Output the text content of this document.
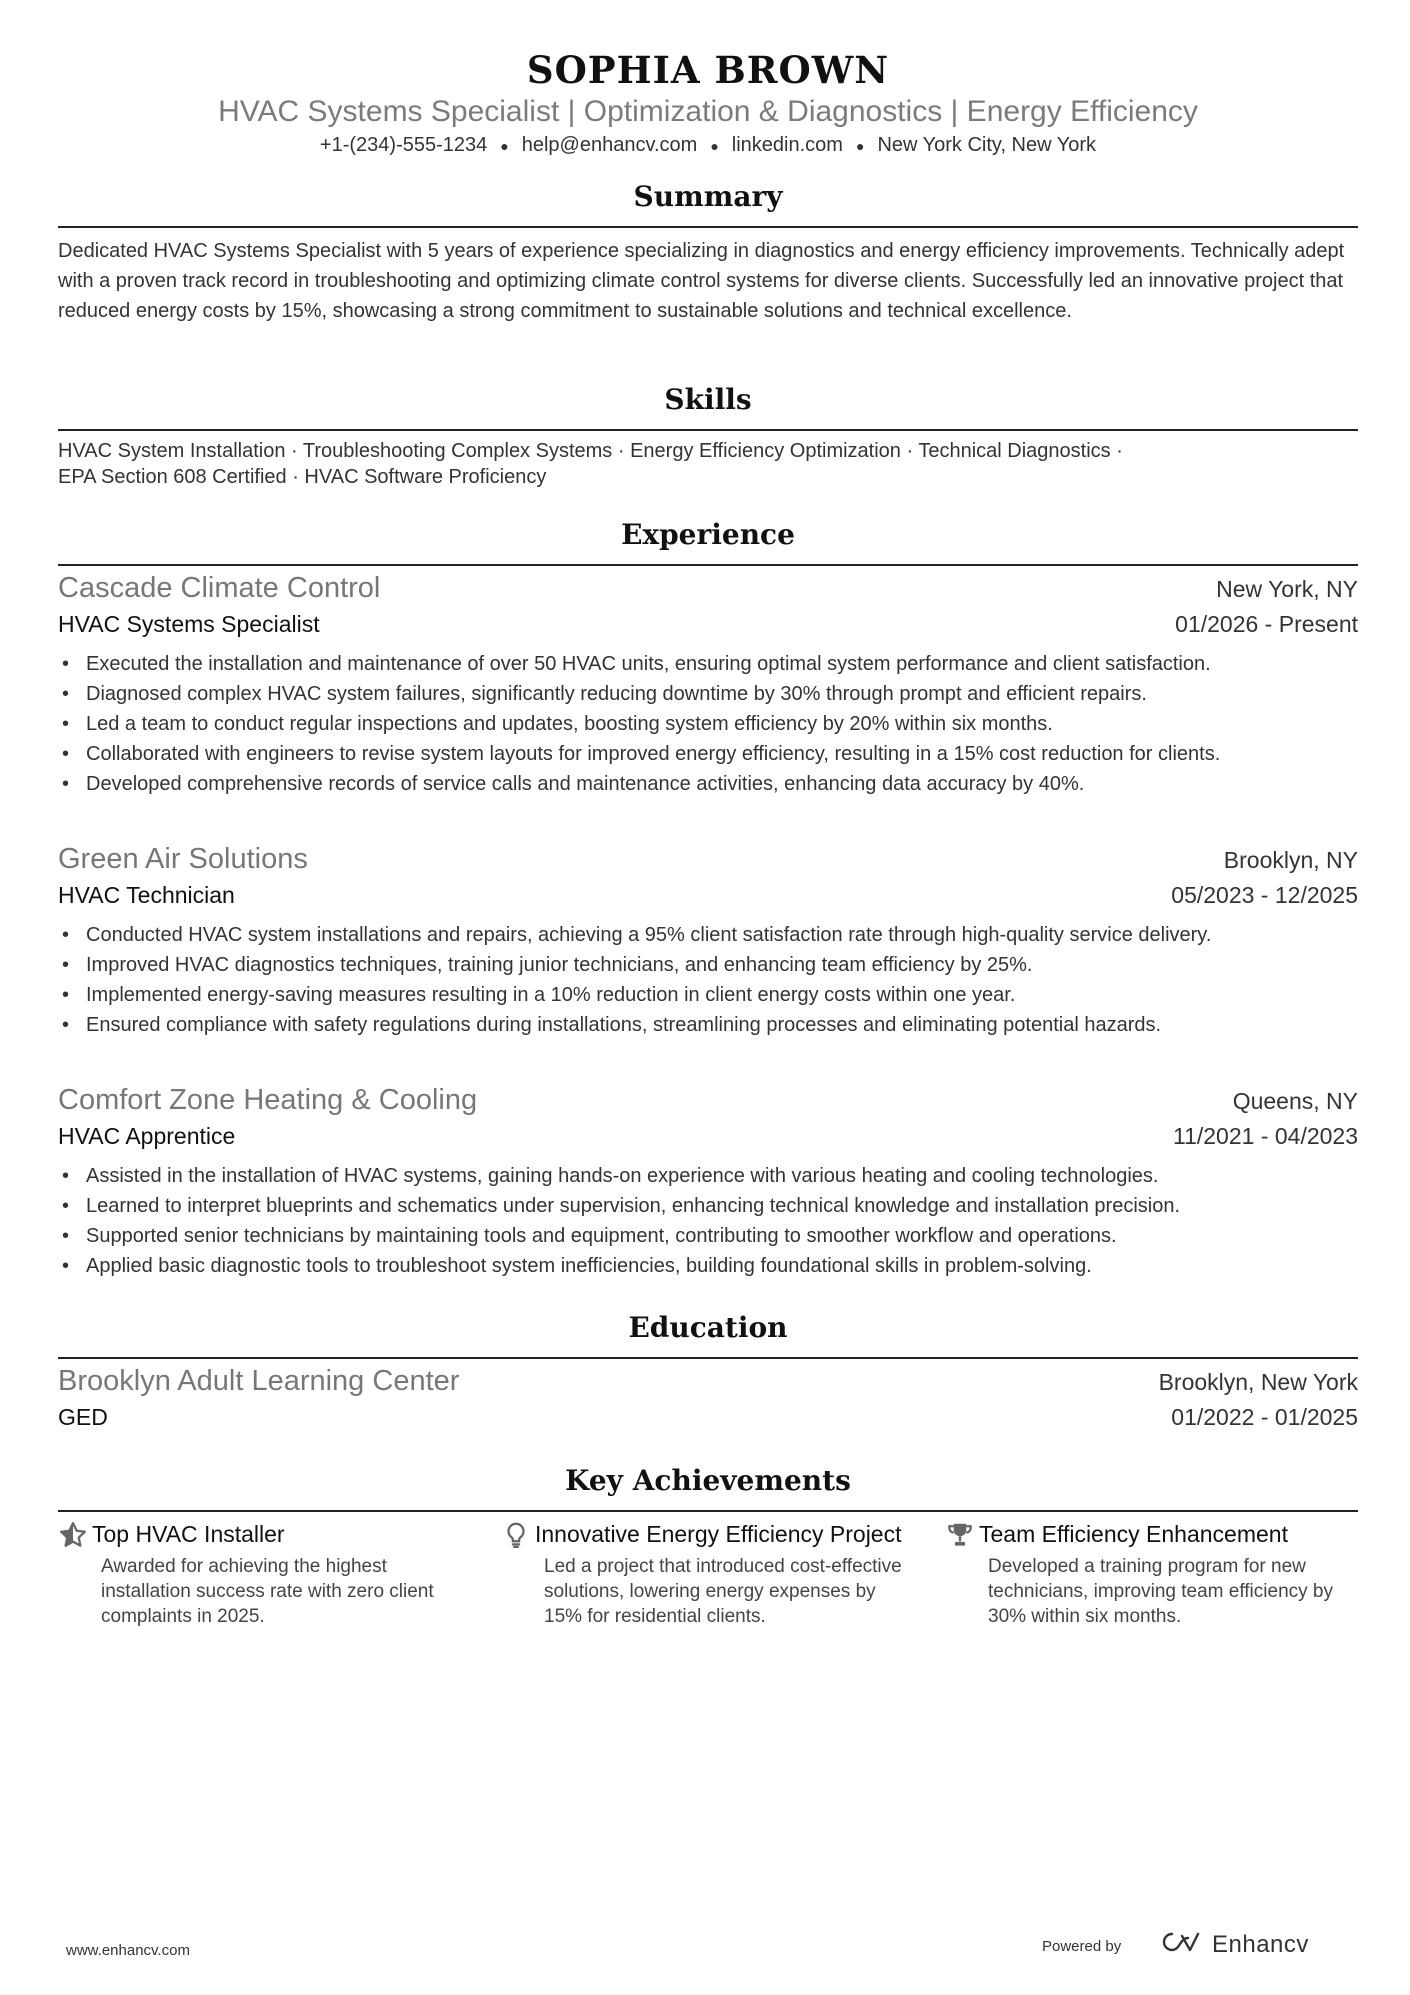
SOPHIA BROWN
HVAC Systems Specialist | Optimization & Diagnostics | Energy Efficiency
+1-(234)-555-1234 ● help@enhancv.com ● linkedin.com ● New York City, New York
Summary
Dedicated HVAC Systems Specialist with 5 years of experience specializing in diagnostics and energy efficiency improvements. Technically adept with a proven track record in troubleshooting and optimizing climate control systems for diverse clients. Successfully led an innovative project that reduced energy costs by 15%, showcasing a strong commitment to sustainable solutions and technical excellence.
Skills
HVAC System Installation · Troubleshooting Complex Systems · Energy Efficiency Optimization · Technical Diagnostics ·
EPA Section 608 Certified · HVAC Software Proficiency
Experience
Cascade Climate Control	New York, NY
HVAC Systems Specialist	01/2026 - Present
• Executed the installation and maintenance of over 50 HVAC units, ensuring optimal system performance and client satisfaction.
• Diagnosed complex HVAC system failures, significantly reducing downtime by 30% through prompt and efficient repairs.
• Led a team to conduct regular inspections and updates, boosting system efficiency by 20% within six months.
• Collaborated with engineers to revise system layouts for improved energy efficiency, resulting in a 15% cost reduction for clients.
• Developed comprehensive records of service calls and maintenance activities, enhancing data accuracy by 40%.
Green Air Solutions	Brooklyn, NY
HVAC Technician	05/2023 - 12/2025
• Conducted HVAC system installations and repairs, achieving a 95% client satisfaction rate through high-quality service delivery.
• Improved HVAC diagnostics techniques, training junior technicians, and enhancing team efficiency by 25%.
• Implemented energy-saving measures resulting in a 10% reduction in client energy costs within one year.
• Ensured compliance with safety regulations during installations, streamlining processes and eliminating potential hazards.
Comfort Zone Heating & Cooling	Queens, NY
HVAC Apprentice	11/2021 - 04/2023
• Assisted in the installation of HVAC systems, gaining hands-on experience with various heating and cooling technologies.
• Learned to interpret blueprints and schematics under supervision, enhancing technical knowledge and installation precision.
• Supported senior technicians by maintaining tools and equipment, contributing to smoother workflow and operations.
• Applied basic diagnostic tools to troubleshoot system inefficiencies, building foundational skills in problem-solving.
Education
Brooklyn Adult Learning Center	Brooklyn, New York
GED	01/2022 - 01/2025
Key Achievements
Top HVAC Installer
Awarded for achieving the highest installation success rate with zero client complaints in 2025.
Innovative Energy Efficiency Project
Led a project that introduced cost-effective solutions, lowering energy expenses by 15% for residential clients.
Team Efficiency Enhancement
Developed a training program for new technicians, improving team efficiency by 30% within six months.
www.enhancv.com	Powered by	Enhancv
